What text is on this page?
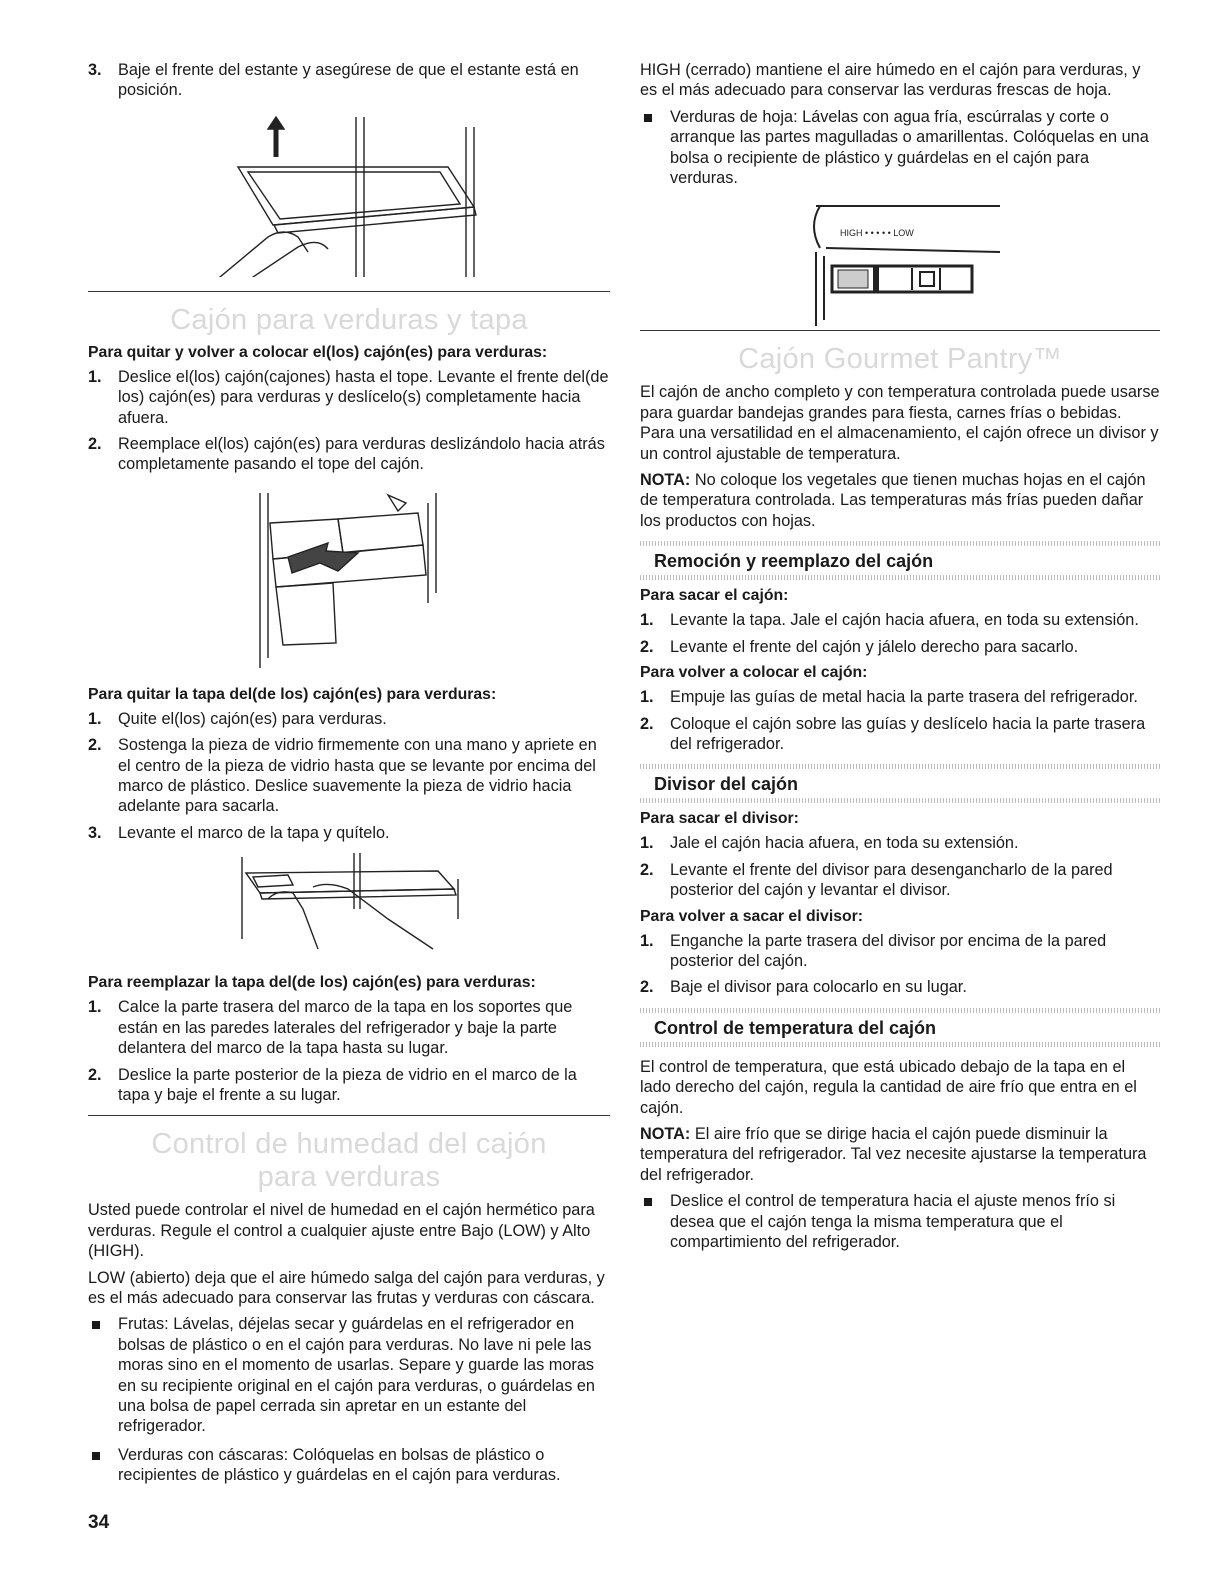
3.	Baje el frente del estante y asegúrese de que el estante está en posición.
Cajón para verduras y tapa
Para quitar y volver a colocar el(los) cajón(es) para verduras:
1.	Deslice el(los) cajón(cajones) hasta el tope. Levante el frente del(de los) cajón(es) para verduras y deslícelo(s) completamente hacia afuera.
2.	Reemplace el(los) cajón(es) para verduras deslizándolo hacia atrás completamente pasando el tope del cajón.
Para quitar la tapa del(de los) cajón(es) para verduras:
1.	Quite el(los) cajón(es) para verduras.
2.	Sostenga la pieza de vidrio firmemente con una mano y apriete en el centro de la pieza de vidrio hasta que se levante por encima del marco de plástico. Deslice suavemente la pieza de vidrio hacia adelante para sacarla.
3.	Levante el marco de la tapa y quítelo.
Para reemplazar la tapa del(de los) cajón(es) para verduras:
1.	Calce la parte trasera del marco de la tapa en los soportes que están en las paredes laterales del refrigerador y baje la parte delantera del marco de la tapa hasta su lugar.
2.	Deslice la parte posterior de la pieza de vidrio en el marco de la tapa y baje el frente a su lugar.
Control de humedad del cajón para verduras

Usted puede controlar el nivel de humedad en el cajón hermético para verduras. Regule el control a cualquier ajuste entre Bajo (LOW) y Alto (HIGH).

LOW (abierto) deja que el aire húmedo salga del cajón para verduras, y es el más adecuado para conservar las frutas y verduras con cáscara.

Frutas: Lávelas, déjelas secar y guárdelas en el refrigerador en bolsas de plástico o en el cajón para verduras. No lave ni pele las moras sino en el momento de usarlas. Separe y guarde las moras en su recipiente original en el cajón para verduras, o guárdelas en una bolsa de papel cerrada sin apretar en un estante del refrigerador.
Verduras con cáscaras: Colóquelas en bolsas de plástico o recipientes de plástico y guárdelas en el cajón para verduras.

HIGH (cerrado) mantiene el aire húmedo en el cajón para verduras, y es el más adecuado para conservar las verduras frescas de hoja.

Verduras de hoja: Lávelas con agua fría, escúrralas y corte o arranque las partes magulladas o amarillentas. Colóquelas en una bolsa o recipiente de plástico y guárdelas en el cajón para verduras.
HIGH • • • • • LOW
Cajón Gourmet Pantry™

El cajón de ancho completo y con temperatura controlada puede usarse para guardar bandejas grandes para fiesta, carnes frías o bebidas. Para una versatilidad en el almacenamiento, el cajón ofrece un divisor y un control ajustable de temperatura.

NOTA: No coloque los vegetales que tienen muchas hojas en el cajón de temperatura controlada. Las temperaturas más frías pueden dañar los productos con hojas.

Remoción y reemplazo del cajón
Para sacar el cajón:
1.	Levante la tapa. Jale el cajón hacia afuera, en toda su extensión.
2.	Levante el frente del cajón y jálelo derecho para sacarlo.
Para volver a colocar el cajón:
1.	Empuje las guías de metal hacia la parte trasera del refrigerador.
2.	Coloque el cajón sobre las guías y deslícelo hacia la parte trasera del refrigerador.
Divisor del cajón
Para sacar el divisor:
1.	Jale el cajón hacia afuera, en toda su extensión.
2.	Levante el frente del divisor para desengancharlo de la pared posterior del cajón y levantar el divisor.
Para volver a sacar el divisor:
1.	Enganche la parte trasera del divisor por encima de la pared posterior del cajón.
2.	Baje el divisor para colocarlo en su lugar.
Control de temperatura del cajón

El control de temperatura, que está ubicado debajo de la tapa en el lado derecho del cajón, regula la cantidad de aire frío que entra en el cajón.

NOTA: El aire frío que se dirige hacia el cajón puede disminuir la temperatura del refrigerador. Tal vez necesite ajustarse la temperatura del refrigerador.

Deslice el control de temperatura hacia el ajuste menos frío si desea que el cajón tenga la misma temperatura que el compartimiento del refrigerador.
34
